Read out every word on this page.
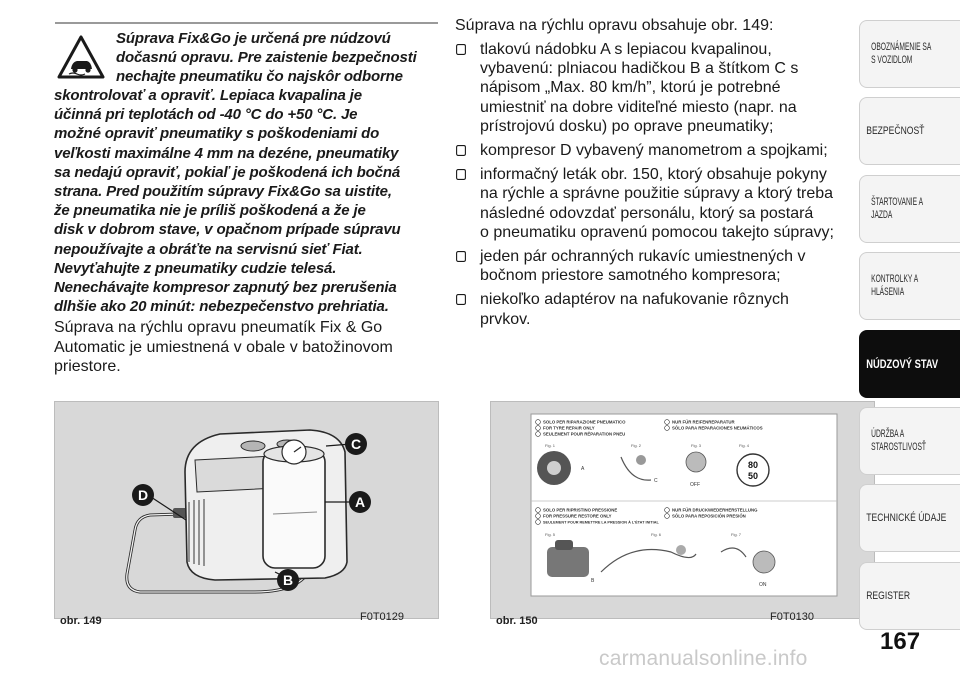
Súprava Fix&Go je určená pre núdzovú

dočasnú opravu. Pre zaistenie bezpečnosti

nechajte pneumatiku čo najskôr odborne

skontrolovať a opraviť. Lepiaca kvapalina je

účinná pri teplotách od -40 °C do +50 °C. Je

možné opraviť pneumatiky s poškodeniami do

veľkosti maximálne 4 mm na dezéne, pneumatiky

sa nedajú opraviť, pokiaľ je poškodená ich bočná

strana. Pred použitím súpravy Fix&Go sa uistite,

že pneumatika nie je príliš poškodená a že je

disk v dobrom stave, v opačnom prípade súpravu

nepoužívajte a obráťte na servisnú sieť Fiat.

Nevyťahujte z pneumatiky cudzie telesá.

Nenechávajte kompresor zapnutý bez prerušenia

dlhšie ako 20 minút: nebezpečenstvo prehriatia.

Súprava na rýchlu opravu pneumatík Fix & Go

Automatic je umiestnená v obale v batožinovom

priestore.

Súprava na rýchlu opravu obsahuje obr. 149:

tlakovú nádobku A s lepiacou kvapalinou,

vybavenú: plniacou hadičkou B a štítkom C s

nápisom „Max. 80 km/h”, ktorú je potrebné

umiestniť na dobre viditeľné miesto (napr. na

prístrojovú dosku) po oprave pneumatiky;

kompresor D vybavený manometrom a spojkami;

informačný leták obr. 150, ktorý obsahuje pokyny

na rýchle a správne použitie súpravy a ktorý treba

následné odovzdať personálu, ktorý sa postará

o pneumatiku opravenú pomocou takejto súpravy;

jeden pár ochranných rukavíc umiestnených v

bočnom priestore samotného kompresora;

niekoľko adaptérov na nafukovanie rôznych

prvkov.

C
A
D
B
obr. 149	F0T0129
SOLO PER RIPARAZIONE PNEUMATICO
FOR TYRE REPAIR ONLY
SEULEMENT POUR RÉPARATION PNEU
NUR FÜR REIFENREPARATUR
SÓLO PARA REPARACIONES NEUMÁTICOS
Fig. 1
A
Fig. 2
C
Fig. 3
OFF
Fig. 4
80
50
SOLO PER RIPRISTINO PRESSIONE
FOR PRESSURE RESTORE ONLY
SEULEMENT POUR REMETTRE LA PRESSION À L'ÉTAT INITIAL
NUR FÜR DRUCKWIEDERHERSTELLUNG
SÓLO PARA REPOSICIÓN PRESIÓN
Fig. 5
B
Fig. 6	Fig. 7
ON
obr. 150	F0T0130
OBOZNÁMENIE SA
S VOZIDLOM
BEZPEČNOSŤ
ŠTARTOVANIE A
JAZDA
KONTROLKY A
HLÁSENIA
NÚDZOVÝ STAV
ÚDRŽBA A
STAROSTLIVOSŤ
TECHNICKÉ ÚDAJE
REGISTER
167
carmanualsonline.info
